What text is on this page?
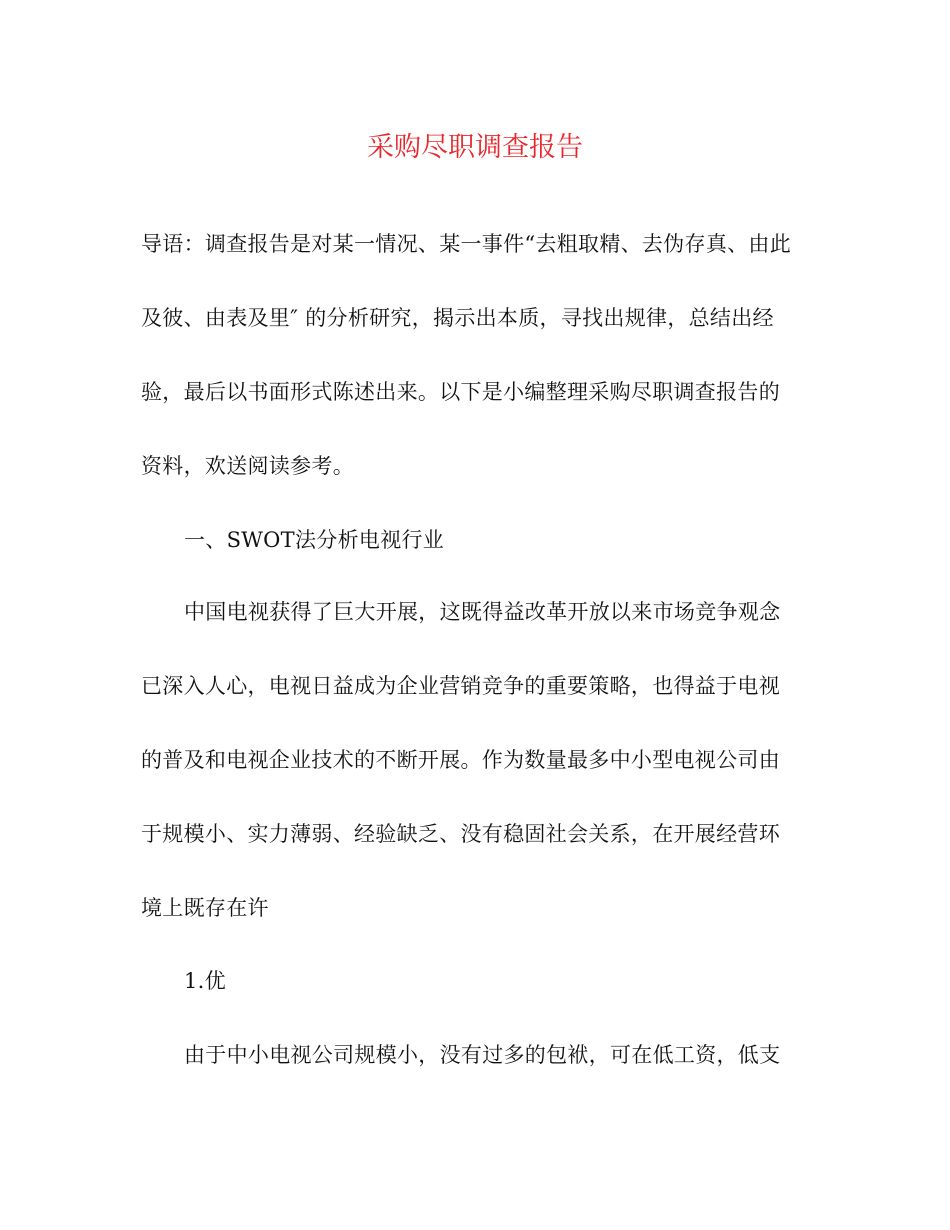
采购尽职调查报告

导语：调查报告是对某一情况、某一事件“去粗取精、去伪存真、由此

及彼、由表及里″ 的分析研究，揭示出本质，寻找出规律，总结出经

验，最后以书面形式陈述出来。以下是小编整理采购尽职调查报告的

资料，欢送阅读参考。

一、SWOT法分析电视行业

中国电视获得了巨大开展，这既得益改革开放以来市场竞争观念

已深入人心，电视日益成为企业营销竞争的重要策略，也得益于电视

的普及和电视企业技术的不断开展。作为数量最多中小型电视公司由

于规模小、实力薄弱、经验缺乏、没有稳固社会关系，在开展经营环

境上既存在许

1.优

由于中小电视公司规模小，没有过多的包袱，可在低工资，低支
